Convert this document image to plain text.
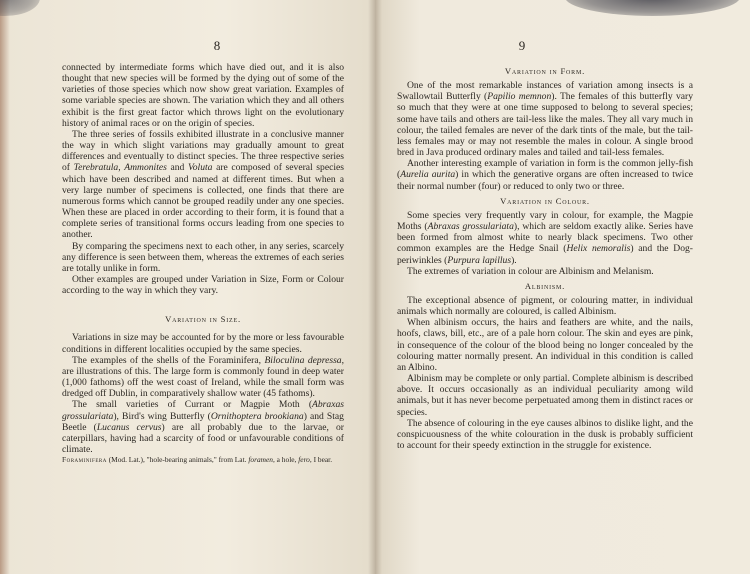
8

connected by intermediate forms which have died out, and it is also thought that new species will be formed by the dying out of some of the varieties of those species which now show great variation. Examples of some variable species are shown. The variation which they and all others exhibit is the first great factor which throws light on the evolutionary history of animal races or on the origin of species.

The three series of fossils exhibited illustrate in a conclusive manner the way in which slight variations may gradually amount to great differences and eventually to distinct species. The three respective series of Terebratula, Ammonites and Voluta are composed of several species which have been described and named at different times. But when a very large number of specimens is collected, one finds that there are numerous forms which cannot be grouped readily under any one species. When these are placed in order according to their form, it is found that a complete series of transitional forms occurs leading from one species to another.

By comparing the specimens next to each other, in any series, scarcely any difference is seen between them, whereas the extremes of each series are totally unlike in form.

Other examples are grouped under Variation in Size, Form or Colour according to the way in which they vary.

Variation in Size.

Variations in size may be accounted for by the more or less favourable conditions in different localities occupied by the same species.

The examples of the shells of the Foraminifera, Biloculina depressa, are illustrations of this. The large form is commonly found in deep water (1,000 fathoms) off the west coast of Ireland, while the small form was dredged off Dublin, in comparatively shallow water (45 fathoms).

The small varieties of Currant or Magpie Moth (Abraxas grossulariata), Bird's wing Butterfly (Ornithoptera brookiana) and Stag Beetle (Lucanus cervus) are all probably due to the larvae, or caterpillars, having had a scarcity of food or unfavourable conditions of climate.

Foraminifera (Mod. Lat.), "hole-bearing animals," from Lat. foramen, a hole, fero, I bear.

9
Variation in Form.

One of the most remarkable instances of variation among insects is a Swallowtail Butterfly (Papilio memnon). The females of this butterfly vary so much that they were at one time supposed to belong to several species; some have tails and others are tail-less like the males. They all vary much in colour, the tailed females are never of the dark tints of the male, but the tail-less females may or may not resemble the males in colour. A single brood bred in Java produced ordinary males and tailed and tail-less females.

Another interesting example of variation in form is the common jelly-fish (Aurelia aurita) in which the generative organs are often increased to twice their normal number (four) or reduced to only two or three.

Variation in Colour.

Some species very frequently vary in colour, for example, the Magpie Moths (Abraxas grossulariata), which are seldom exactly alike. Series have been formed from almost white to nearly black specimens. Two other common examples are the Hedge Snail (Helix nemoralis) and the Dog-periwinkles (Purpura lapillus).

The extremes of variation in colour are Albinism and Melanism.

Albinism.

The exceptional absence of pigment, or colouring matter, in individual animals which normally are coloured, is called Albinism.

When albinism occurs, the hairs and feathers are white, and the nails, hoofs, claws, bill, etc., are of a pale horn colour. The skin and eyes are pink, in consequence of the colour of the blood being no longer concealed by the colouring matter normally present. An individual in this condition is called an Albino.

Albinism may be complete or only partial. Complete albinism is described above. It occurs occasionally as an individual peculiarity among wild animals, but it has never become perpetuated among them in distinct races or species.

The absence of colouring in the eye causes albinos to dislike light, and the conspicuousness of the white colouration in the dusk is probably sufficient to account for their speedy extinction in the struggle for existence.
